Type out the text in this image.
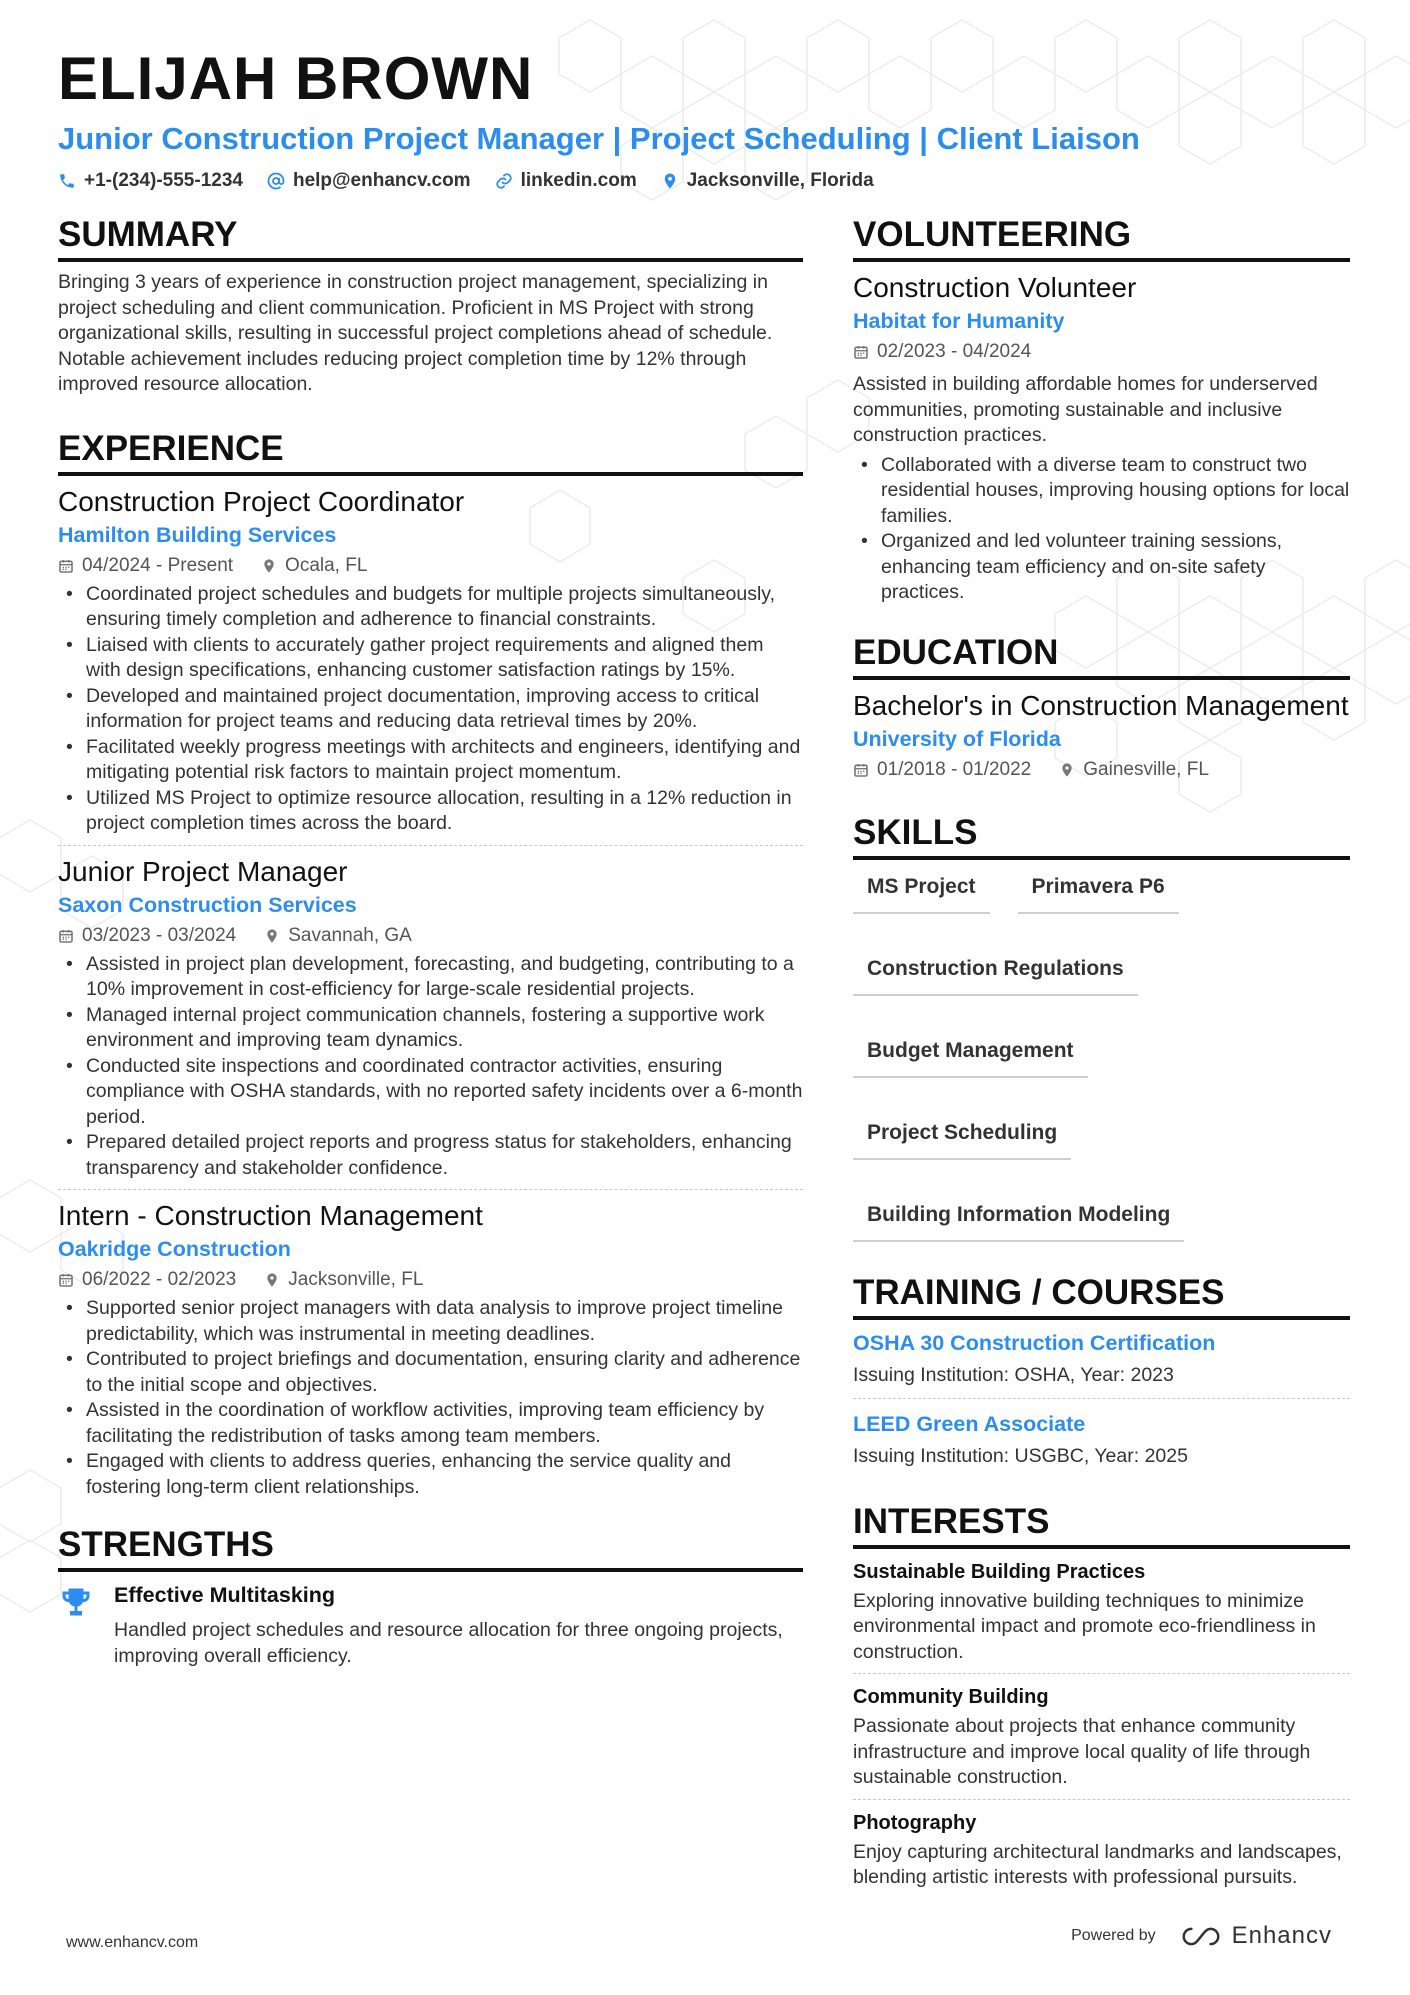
ELIJAH BROWN
Junior Construction Project Manager | Project Scheduling | Client Liaison
+1-(234)-555-1234	help@enhancv.com	linkedin.com	Jacksonville, Florida
SUMMARY
Bringing 3 years of experience in construction project management, specializing in project scheduling and client communication. Proficient in MS Project with strong organizational skills, resulting in successful project completions ahead of schedule. Notable achievement includes reducing project completion time by 12% through improved resource allocation.
EXPERIENCE
Construction Project Coordinator
Hamilton Building Services
04/2024 - Present	Ocala, FL
• Coordinated project schedules and budgets for multiple projects simultaneously, ensuring timely completion and adherence to financial constraints.
• Liaised with clients to accurately gather project requirements and aligned them with design specifications, enhancing customer satisfaction ratings by 15%.
• Developed and maintained project documentation, improving access to critical information for project teams and reducing data retrieval times by 20%.
• Facilitated weekly progress meetings with architects and engineers, identifying and mitigating potential risk factors to maintain project momentum.
• Utilized MS Project to optimize resource allocation, resulting in a 12% reduction in project completion times across the board.
Junior Project Manager
Saxon Construction Services
03/2023 - 03/2024	Savannah, GA
• Assisted in project plan development, forecasting, and budgeting, contributing to a 10% improvement in cost-efficiency for large-scale residential projects.
• Managed internal project communication channels, fostering a supportive work environment and improving team dynamics.
• Conducted site inspections and coordinated contractor activities, ensuring compliance with OSHA standards, with no reported safety incidents over a 6-month period.
• Prepared detailed project reports and progress status for stakeholders, enhancing transparency and stakeholder confidence.
Intern - Construction Management
Oakridge Construction
06/2022 - 02/2023	Jacksonville, FL
• Supported senior project managers with data analysis to improve project timeline predictability, which was instrumental in meeting deadlines.
• Contributed to project briefings and documentation, ensuring clarity and adherence to the initial scope and objectives.
• Assisted in the coordination of workflow activities, improving team efficiency by facilitating the redistribution of tasks among team members.
• Engaged with clients to address queries, enhancing the service quality and fostering long-term client relationships.
STRENGTHS
Effective Multitasking
Handled project schedules and resource allocation for three ongoing projects, improving overall efficiency.
VOLUNTEERING
Construction Volunteer
Habitat for Humanity
02/2023 - 04/2024
Assisted in building affordable homes for underserved communities, promoting sustainable and inclusive construction practices.
• Collaborated with a diverse team to construct two residential houses, improving housing options for local families.
• Organized and led volunteer training sessions, enhancing team efficiency and on-site safety practices.
EDUCATION
Bachelor's in Construction Management
University of Florida
01/2018 - 01/2022	Gainesville, FL
SKILLS
MS Project	Primavera P6
Construction Regulations
Budget Management
Project Scheduling
Building Information Modeling
TRAINING / COURSES
OSHA 30 Construction Certification
Issuing Institution: OSHA, Year: 2023
LEED Green Associate
Issuing Institution: USGBC, Year: 2025
INTERESTS
Sustainable Building Practices
Exploring innovative building techniques to minimize environmental impact and promote eco-friendliness in construction.
Community Building
Passionate about projects that enhance community infrastructure and improve local quality of life through sustainable construction.
Photography
Enjoy capturing architectural landmarks and landscapes, blending artistic interests with professional pursuits.
www.enhancv.com	Powered by	Enhancv
